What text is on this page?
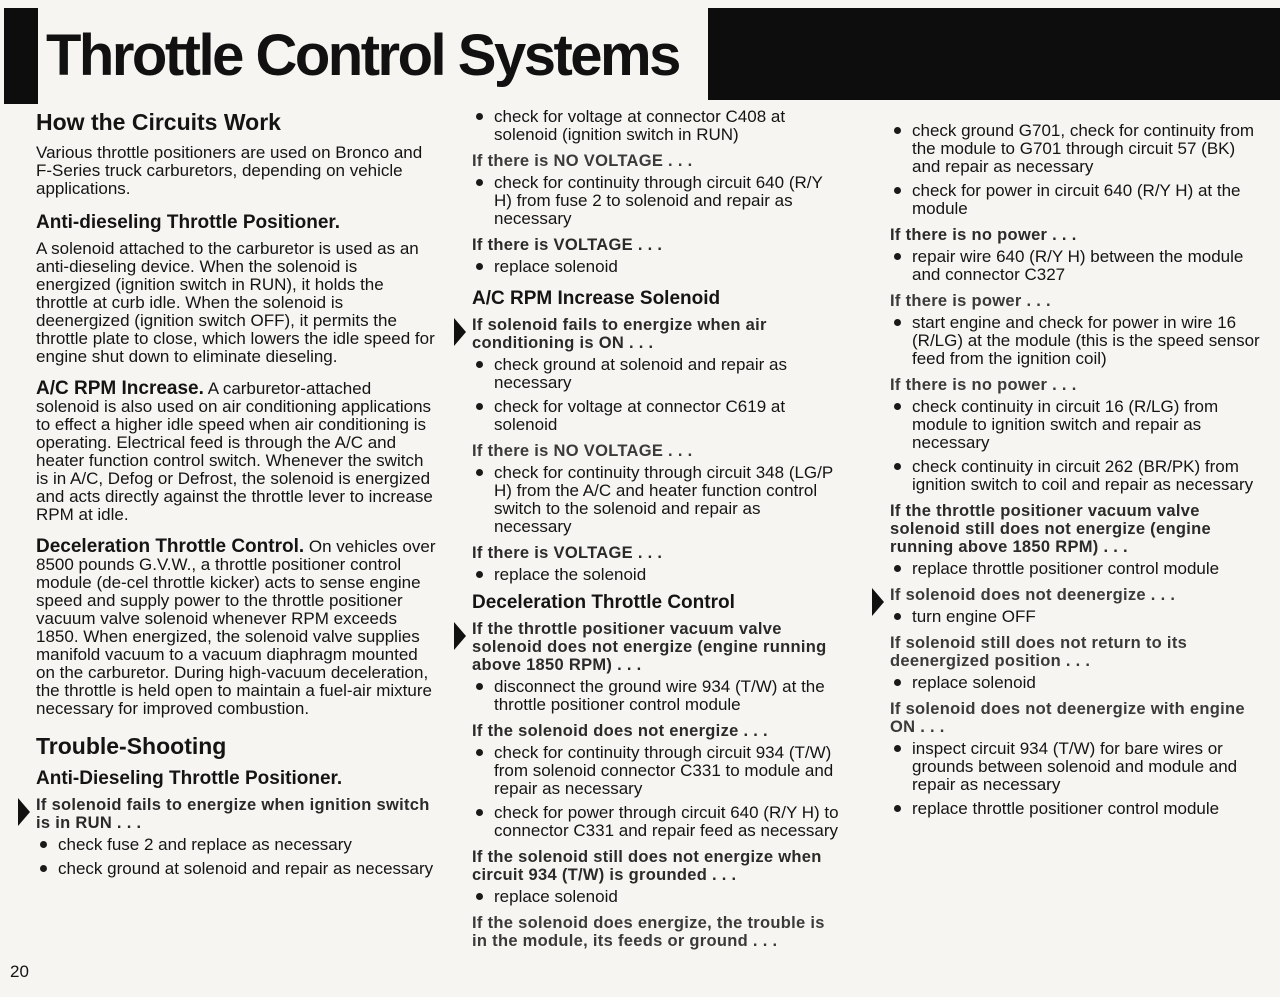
Throttle Control Systems
How the Circuits Work

Various throttle positioners are used on Bronco and F-Series truck carburetors, depending on vehicle applications.

Anti-dieseling Throttle Positioner.

A solenoid attached to the carburetor is used as an anti-dieseling device. When the solenoid is energized (ignition switch in RUN), it holds the throttle at curb idle. When the solenoid is deenergized (ignition switch OFF), it permits the throttle plate to close, which lowers the idle speed for engine shut down to eliminate dieseling.

A/C RPM Increase. A carburetor-attached solenoid is also used on air conditioning applications to effect a higher idle speed when air conditioning is operating. Electrical feed is through the A/C and heater function control switch. Whenever the switch is in A/C, Defog or Defrost, the solenoid is energized and acts directly against the throttle lever to increase RPM at idle.

Deceleration Throttle Control. On vehicles over 8500 pounds G.V.W., a throttle positioner control module (de-cel throttle kicker) acts to sense engine speed and supply power to the throttle positioner vacuum valve solenoid whenever RPM exceeds 1850. When energized, the solenoid valve supplies manifold vacuum to a vacuum diaphragm mounted on the carburetor. During high-vacuum deceleration, the throttle is held open to maintain a fuel-air mixture necessary for improved combustion.

Trouble-Shooting
Anti-Dieseling Throttle Positioner.

If solenoid fails to energize when ignition switch is in RUN . . .

check fuse 2 and replace as necessary
check ground at solenoid and repair as necessary
check for voltage at connector C408 at solenoid (ignition switch in RUN)

If there is NO VOLTAGE . . .

check for continuity through circuit 640 (R/Y H) from fuse 2 to solenoid and repair as necessary

If there is VOLTAGE . . .

replace solenoid
A/C RPM Increase Solenoid

If solenoid fails to energize when air conditioning is ON . . .

check ground at solenoid and repair as necessary
check for voltage at connector C619 at solenoid

If there is NO VOLTAGE . . .

check for continuity through circuit 348 (LG/P H) from the A/C and heater function control switch to the solenoid and repair as necessary

If there is VOLTAGE . . .

replace the solenoid
Deceleration Throttle Control

If the throttle positioner vacuum valve solenoid does not energize (engine running above 1850 RPM) . . .

disconnect the ground wire 934 (T/W) at the throttle positioner control module

If the solenoid does not energize . . .

check for continuity through circuit 934 (T/W) from solenoid connector C331 to module and repair as necessary
check for power through circuit 640 (R/Y H) to connector C331 and repair feed as necessary

If the solenoid still does not energize when circuit 934 (T/W) is grounded . . .

replace solenoid

If the solenoid does energize, the trouble is in the module, its feeds or ground . . .

check ground G701, check for continuity from the module to G701 through circuit 57 (BK) and repair as necessary
check for power in circuit 640 (R/Y H) at the module

If there is no power . . .

repair wire 640 (R/Y H) between the module and connector C327

If there is power . . .

start engine and check for power in wire 16 (R/LG) at the module (this is the speed sensor feed from the ignition coil)

If there is no power . . .

check continuity in circuit 16 (R/LG) from module to ignition switch and repair as necessary
check continuity in circuit 262 (BR/PK) from ignition switch to coil and repair as necessary

If the throttle positioner vacuum valve solenoid still does not energize (engine running above 1850 RPM) . . .

replace throttle positioner control module

If solenoid does not deenergize . . .

turn engine OFF

If solenoid still does not return to its deenergized position . . .

replace solenoid

If solenoid does not deenergize with engine ON . . .

inspect circuit 934 (T/W) for bare wires or grounds between solenoid and module and repair as necessary
replace throttle positioner control module

20
